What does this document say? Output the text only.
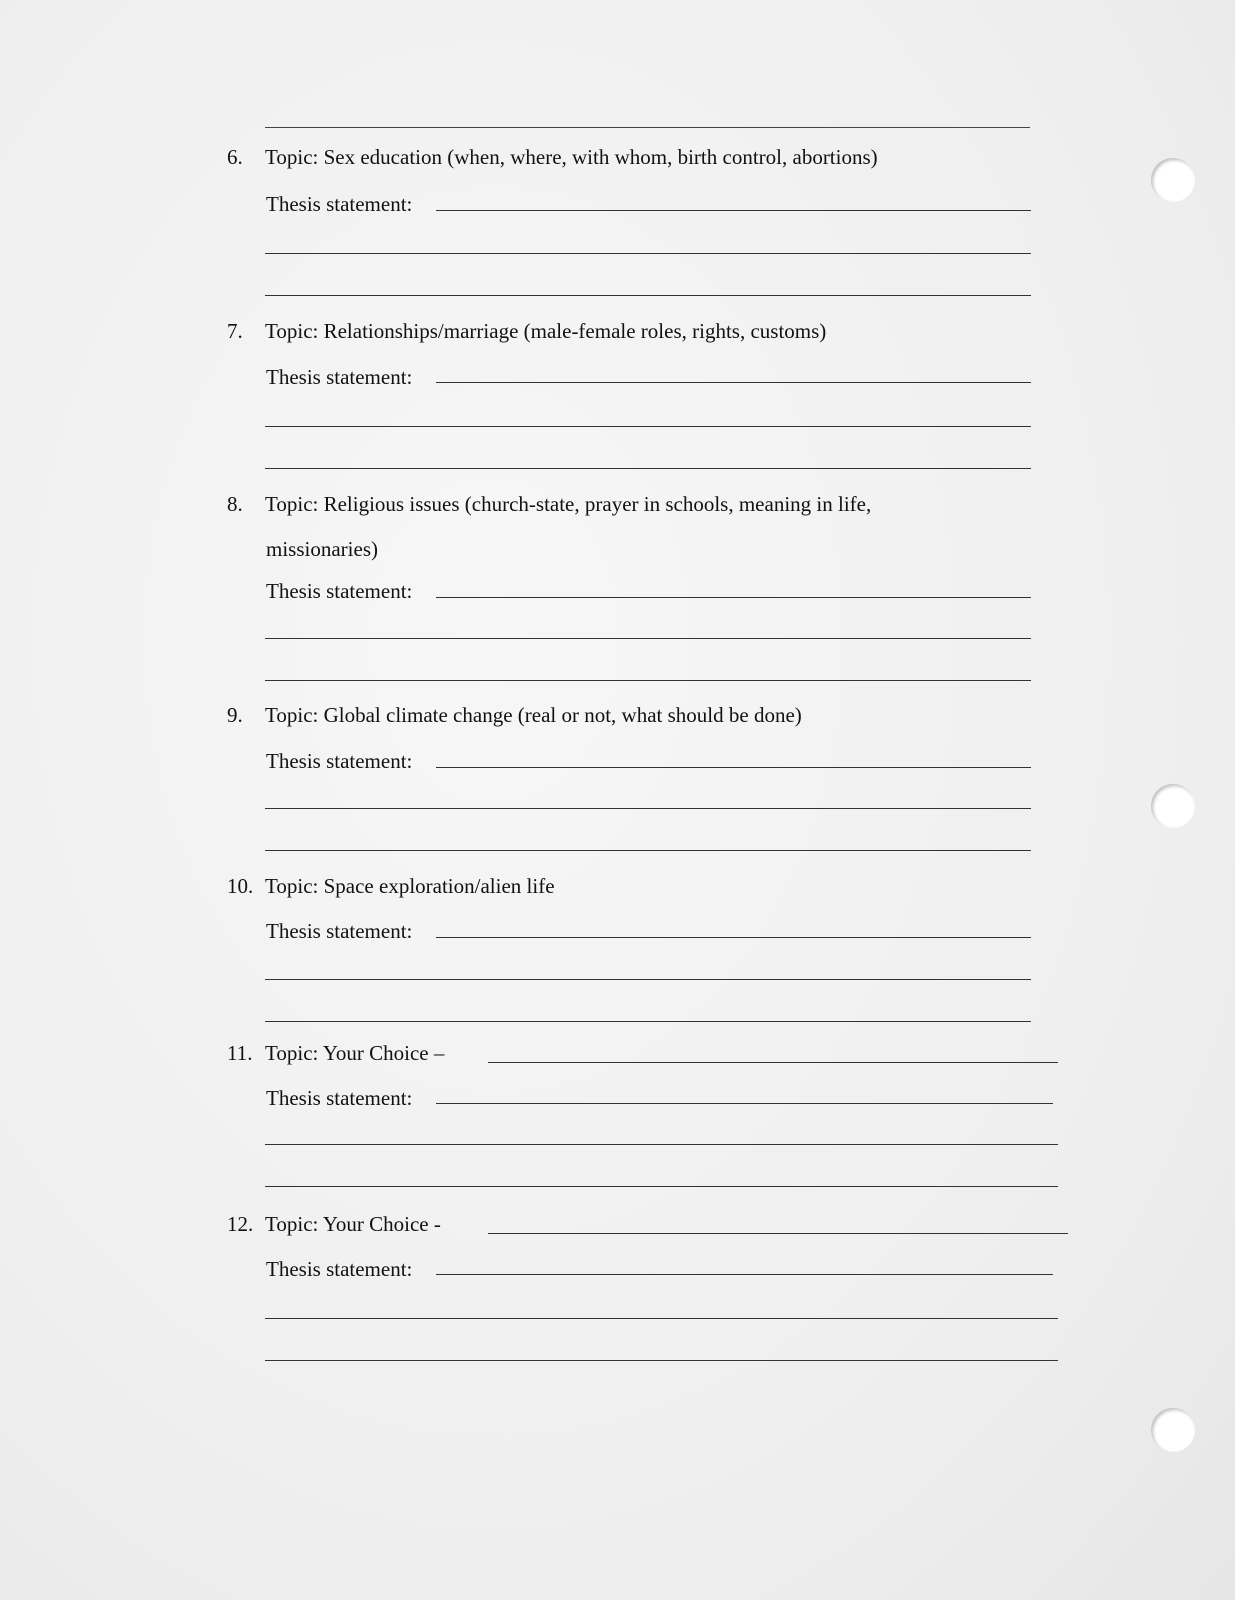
6. Topic: Sex education (when, where, with whom, birth control, abortions)
Thesis statement:
7. Topic: Relationships/marriage (male-female roles, rights, customs)
Thesis statement:
8. Topic: Religious issues (church-state, prayer in schools, meaning in life,
missionaries)
Thesis statement:
9. Topic: Global climate change (real or not, what should be done)
Thesis statement:
10. Topic: Space exploration/alien life
Thesis statement:
11. Topic: Your Choice –
Thesis statement:
12. Topic: Your Choice -
Thesis statement:
